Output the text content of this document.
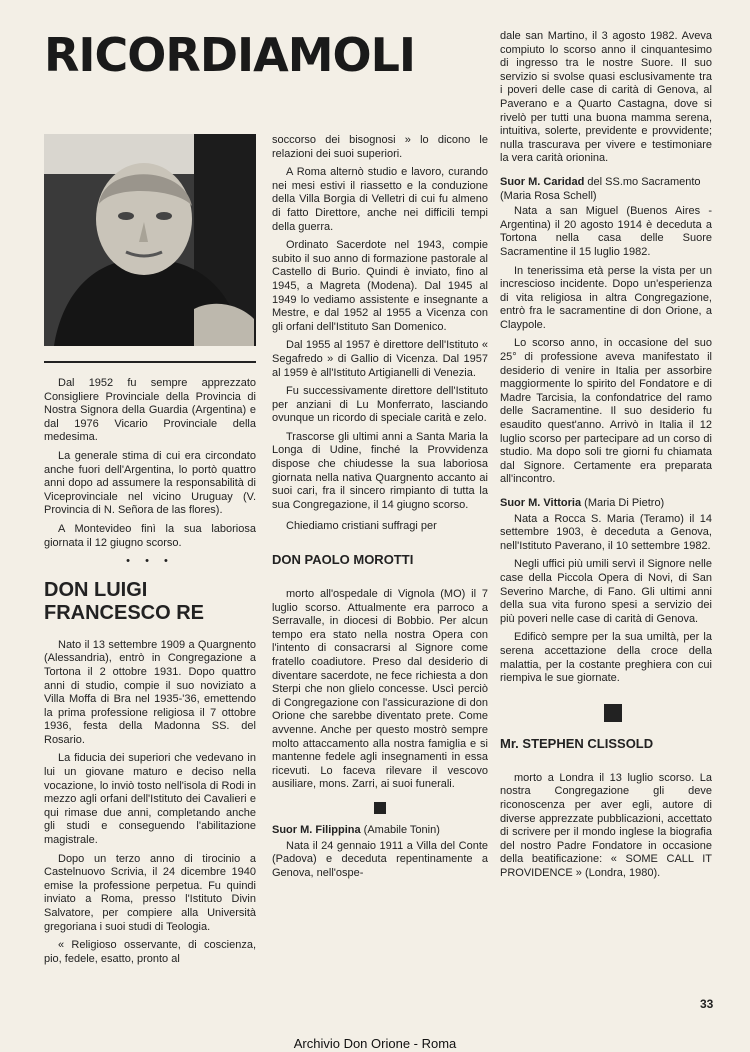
RICORDIAMOLI

Dal 1952 fu sempre apprezzato Consigliere Provinciale della Provincia di Nostra Signora della Guardia (Argentina) e dal 1976 Vicario Provinciale della medesima.

La generale stima di cui era circondato anche fuori dell'Argentina, lo portò quattro anni dopo ad assumere la responsabilità di Viceprovinciale nel vicino Uruguay (V. Provincia di N. Señora de las flores).

A Montevideo finì la sua laboriosa giornata il 12 giugno scorso.

• • •
DON LUIGI FRANCESCO RE

Nato il 13 settembre 1909 a Quargnento (Alessandria), entrò in Congregazione a Tortona il 2 ottobre 1931. Dopo quattro anni di studio, compie il suo noviziato a Villa Moffa di Bra nel 1935-'36, emettendo la prima professione religiosa il 7 ottobre 1936, festa della Madonna SS. del Rosario.

La fiducia dei superiori che vedevano in lui un giovane maturo e deciso nella vocazione, lo inviò tosto nell'isola di Rodi in mezzo agli orfani dell'Istituto dei Cavalieri e qui rimase due anni, completando anche gli studi e conseguendo l'abilitazione magistrale.

Dopo un terzo anno di tirocinio a Castelnuovo Scrivia, il 24 dicembre 1940 emise la professione perpetua. Fu quindi inviato a Roma, presso l'Istituto Divin Salvatore, per compiere alla Università gregoriana i suoi studi di Teologia.

« Religioso osservante, di coscienza, pio, fedele, esatto, pronto al

soccorso dei bisognosi » lo dicono le relazioni dei suoi superiori.

A Roma alternò studio e lavoro, curando nei mesi estivi il riassetto e la conduzione della Villa Borgia di Velletri di cui fu almeno di fatto Direttore, anche nei difficili tempi della guerra.

Ordinato Sacerdote nel 1943, compie subito il suo anno di formazione pastorale al Castello di Burio. Quindi è inviato, fino al 1945, a Magreta (Modena). Dal 1945 al 1949 lo vediamo assistente e insegnante a Mestre, e dal 1952 al 1955 a Vicenza con gli orfani dell'Istituto San Domenico.

Dal 1955 al 1957 è direttore dell'Istituto « Segafredo » di Gallio di Vicenza. Dal 1957 al 1959 è all'Istituto Artigianelli di Venezia.

Fu successivamente direttore dell'Istituto per anziani di Lu Monferrato, lasciando ovunque un ricordo di speciale carità e zelo.

Trascorse gli ultimi anni a Santa Maria la Longa di Udine, finché la Provvidenza dispose che chiudesse la sua laboriosa giornata nella nativa Quargnento accanto ai suoi cari, fra il sincero rimpianto di tutta la sua Congregazione, il 14 giugno scorso.

Chiediamo cristiani suffragi per

DON PAOLO MOROTTI

morto all'ospedale di Vignola (MO) il 7 luglio scorso. Attualmente era parroco a Serravalle, in diocesi di Bobbio. Per alcun tempo era stato nella nostra Opera con l'intento di consacrarsi al Signore come fratello coadiutore. Preso dal desiderio di diventare sacerdote, ne fece richiesta a don Sterpi che non glielo concesse. Uscì perciò di Congregazione con l'assicurazione di don Orione che sarebbe diventato prete. Come avvenne. Anche per questo mostrò sempre molto attaccamento alla nostra famiglia e si mantenne fedele agli insegnamenti in essa ricevuti. Lo faceva rilevare il vescovo ausiliare, mons. Zarri, ai suoi funerali.

Suor M. Filippina (Amabile Tonin)

Nata il 24 gennaio 1911 a Villa del Conte (Padova) e deceduta repentinamente a Genova, nell'ospe-

dale san Martino, il 3 agosto 1982. Aveva compiuto lo scorso anno il cinquantesimo di ingresso tra le nostre Suore. Il suo servizio si svolse quasi esclusivamente tra i poveri delle case di carità di Genova, al Paverano e a Quarto Castagna, dove si rivelò per tutti una buona mamma serena, intuitiva, solerte, previdente e provvidente; nulla trascurava per vivere e testimoniare la vera carità orionina.

Suor M. Caridad del SS.mo Sacramento (Maria Rosa Schell)

Nata a san Miguel (Buenos Aires - Argentina) il 20 agosto 1914 è deceduta a Tortona nella casa delle Suore Sacramentine il 15 luglio 1982.

In tenerissima età perse la vista per un increscioso incidente. Dopo un'esperienza di vita religiosa in altra Congregazione, entrò fra le sacramentine di don Orione, a Claypole.

Lo scorso anno, in occasione del suo 25° di professione aveva manifestato il desiderio di venire in Italia per assorbire maggiormente lo spirito del Fondatore e di Madre Tarcisia, la confondatrice del ramo delle Sacramentine. Il suo desiderio fu esaudito quest'anno. Arrivò in Italia il 12 luglio scorso per partecipare ad un corso di studio. Ma dopo soli tre giorni fu chiamata dal Signore. Certamente era preparata all'incontro.

Suor M. Vittoria (Maria Di Pietro)

Nata a Rocca S. Maria (Teramo) il 14 settembre 1903, è deceduta a Genova, nell'Istituto Paverano, il 10 settembre 1982.

Negli uffici più umili servì il Signore nelle case della Piccola Opera di Novi, di San Severino Marche, di Fano. Gli ultimi anni della sua vita furono spesi a servizio dei più poveri nelle case di carità di Genova.

Edificò sempre per la sua umiltà, per la serena accettazione della croce della malattia, per la costante preghiera con cui riempiva le sue giornate.

Mr. STEPHEN CLISSOLD

morto a Londra il 13 luglio scorso. La nostra Congregazione gli deve riconoscenza per aver egli, autore di diverse apprezzate pubblicazioni, accettato di scrivere per il mondo inglese la biografia del nostro Padre Fondatore in occasione della beatificazione: « SOME CALL IT PROVIDENCE » (Londra, 1980).

33
Archivio Don Orione - Roma
